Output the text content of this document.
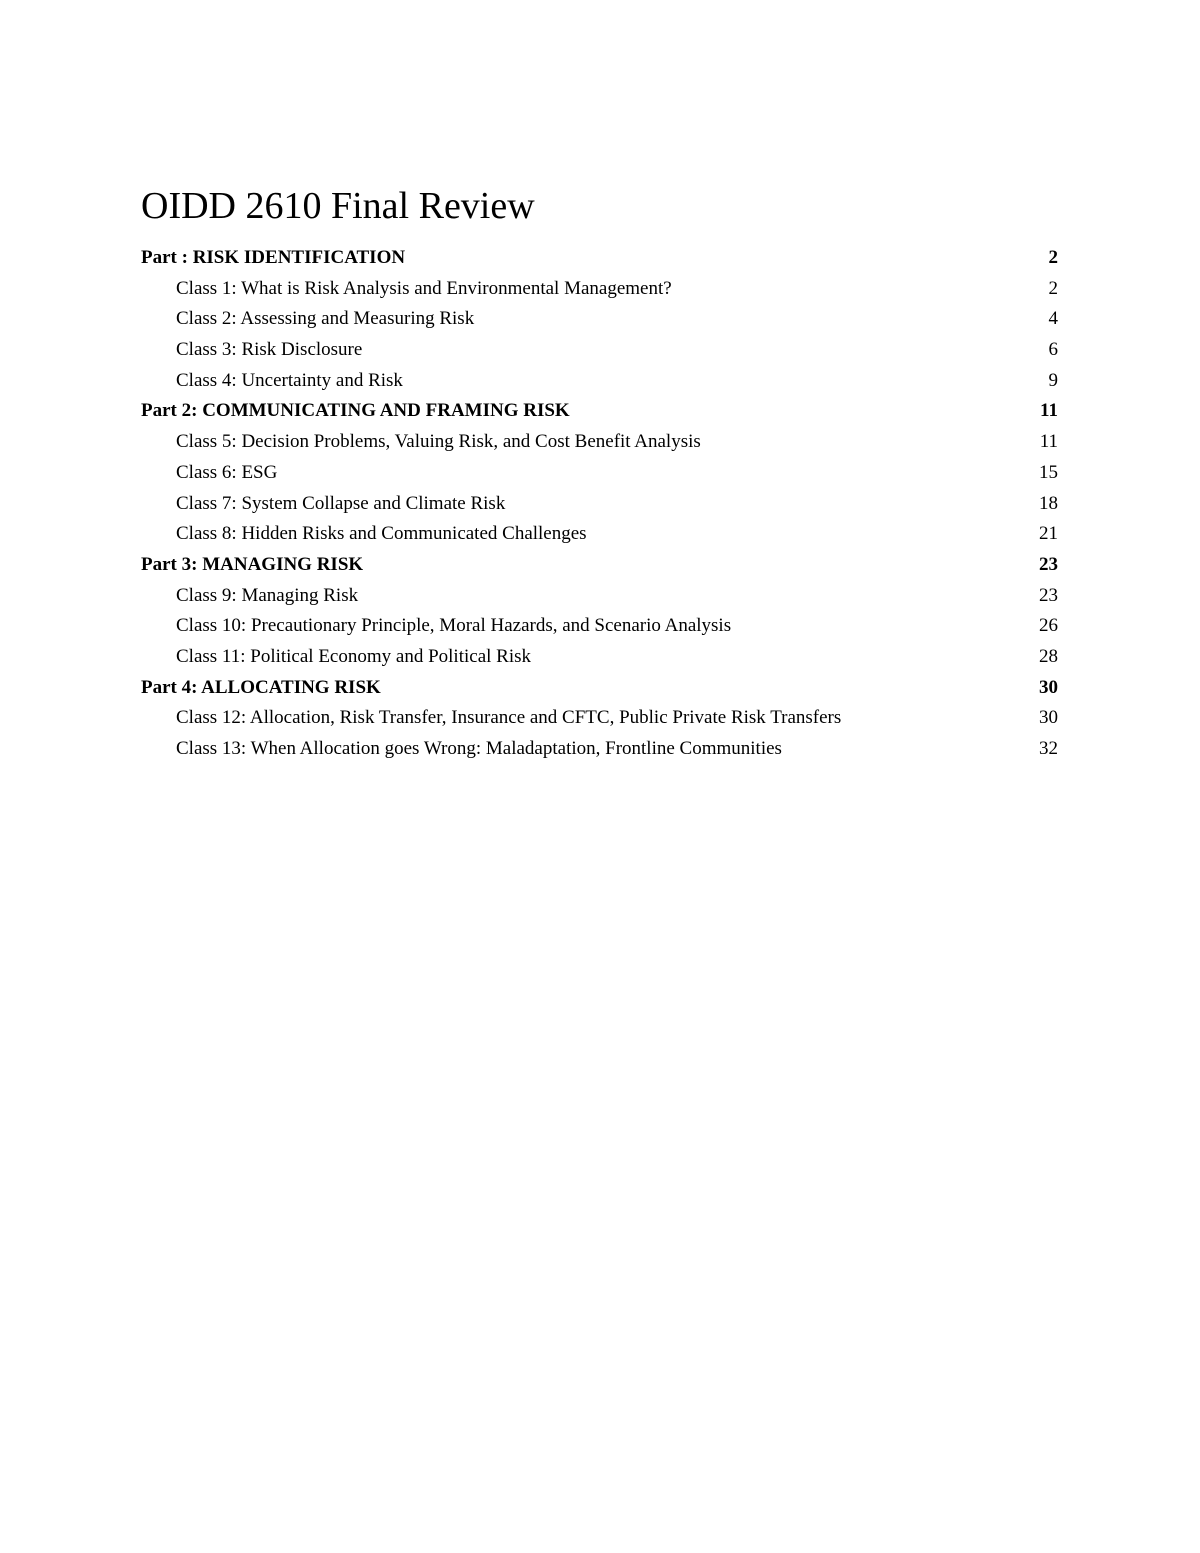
OIDD 2610 Final Review
Part : RISK IDENTIFICATION	2
Class 1: What is Risk Analysis and Environmental Management?	2
Class 2: Assessing and Measuring Risk	4
Class 3: Risk Disclosure	6
Class 4: Uncertainty and Risk	9
Part 2: COMMUNICATING AND FRAMING RISK	11
Class 5: Decision Problems, Valuing Risk, and Cost Benefit Analysis	11
Class 6: ESG	15
Class 7: System Collapse and Climate Risk	18
Class 8: Hidden Risks and Communicated Challenges	21
Part 3: MANAGING RISK	23
Class 9: Managing Risk	23
Class 10: Precautionary Principle, Moral Hazards, and Scenario Analysis	26
Class 11: Political Economy and Political Risk	28
Part 4: ALLOCATING RISK	30
Class 12: Allocation, Risk Transfer, Insurance and CFTC, Public Private Risk Transfers	30
Class 13: When Allocation goes Wrong: Maladaptation, Frontline Communities	32
